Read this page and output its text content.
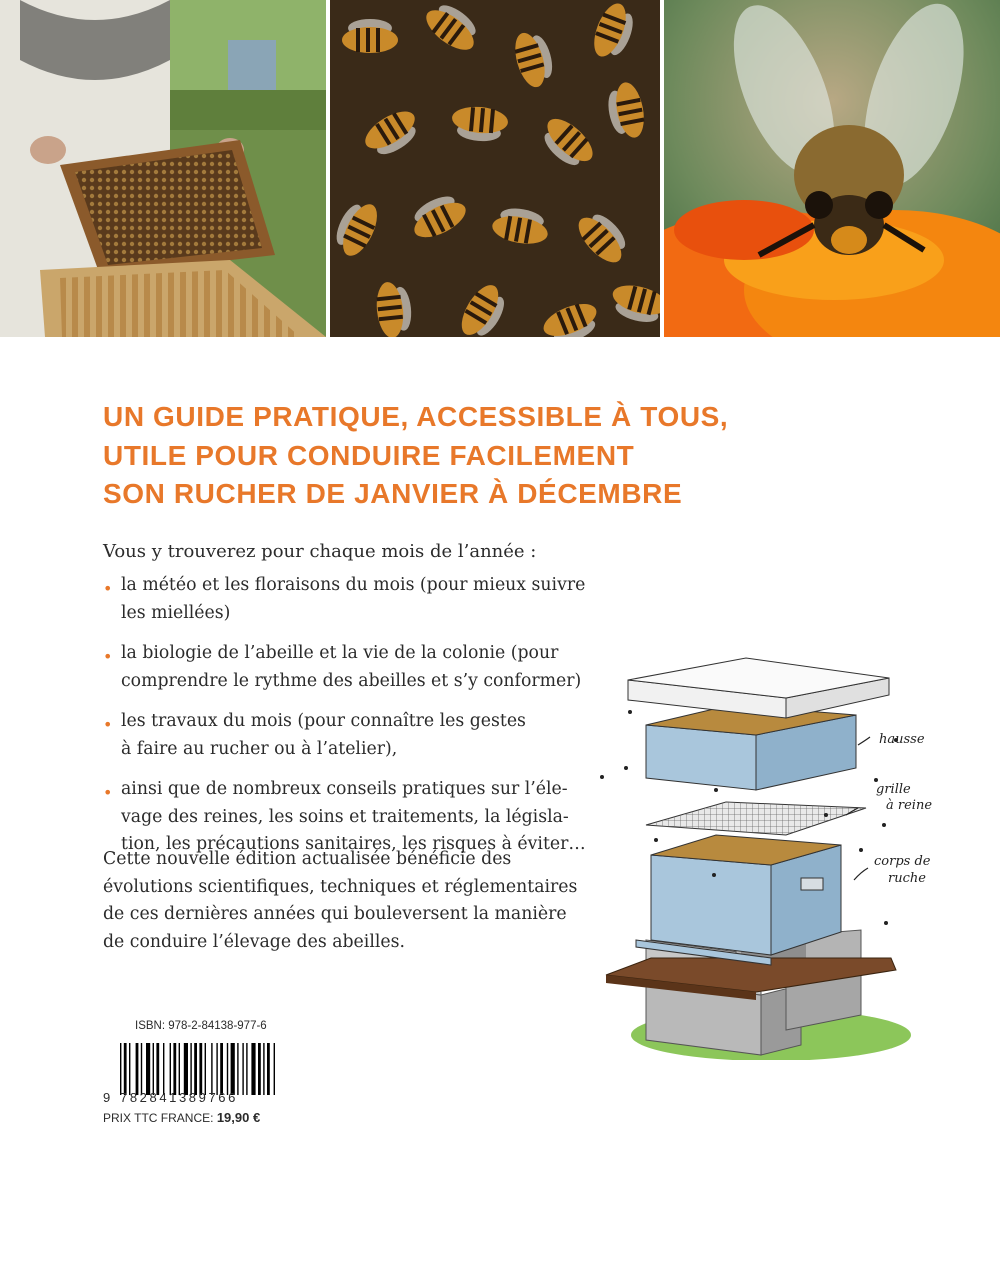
UN GUIDE PRATIQUE, ACCESSIBLE À TOUS,
UTILE POUR CONDUIRE FACILEMENT
SON RUCHER DE JANVIER À DÉCEMBRE
Vous y trouverez pour chaque mois de l’année :
• la météo et les floraisons du mois (pour mieux suivre
les miellées)
• la biologie de l’abeille et la vie de la colonie (pour
comprendre le rythme des abeilles et s’y conformer)
• les travaux du mois (pour connaître les gestes
à faire au rucher ou à l’atelier),
• ainsi que de nombreux conseils pratiques sur l’éle-
vage des reines, les soins et traitements, la législa-
tion, les précautions sanitaires, les risques à éviter…
Cette nouvelle édition actualisée bénéficie des
évolutions scientifiques, techniques et réglementaires
de ces dernières années qui bouleversent la manière
de conduire l’élevage des abeilles.
hausse
grille
à reine
corps de
ruche
ISBN: 978-2-84138-977-6
9 782841389766
PRIX TTC FRANCE: 19,90 €
